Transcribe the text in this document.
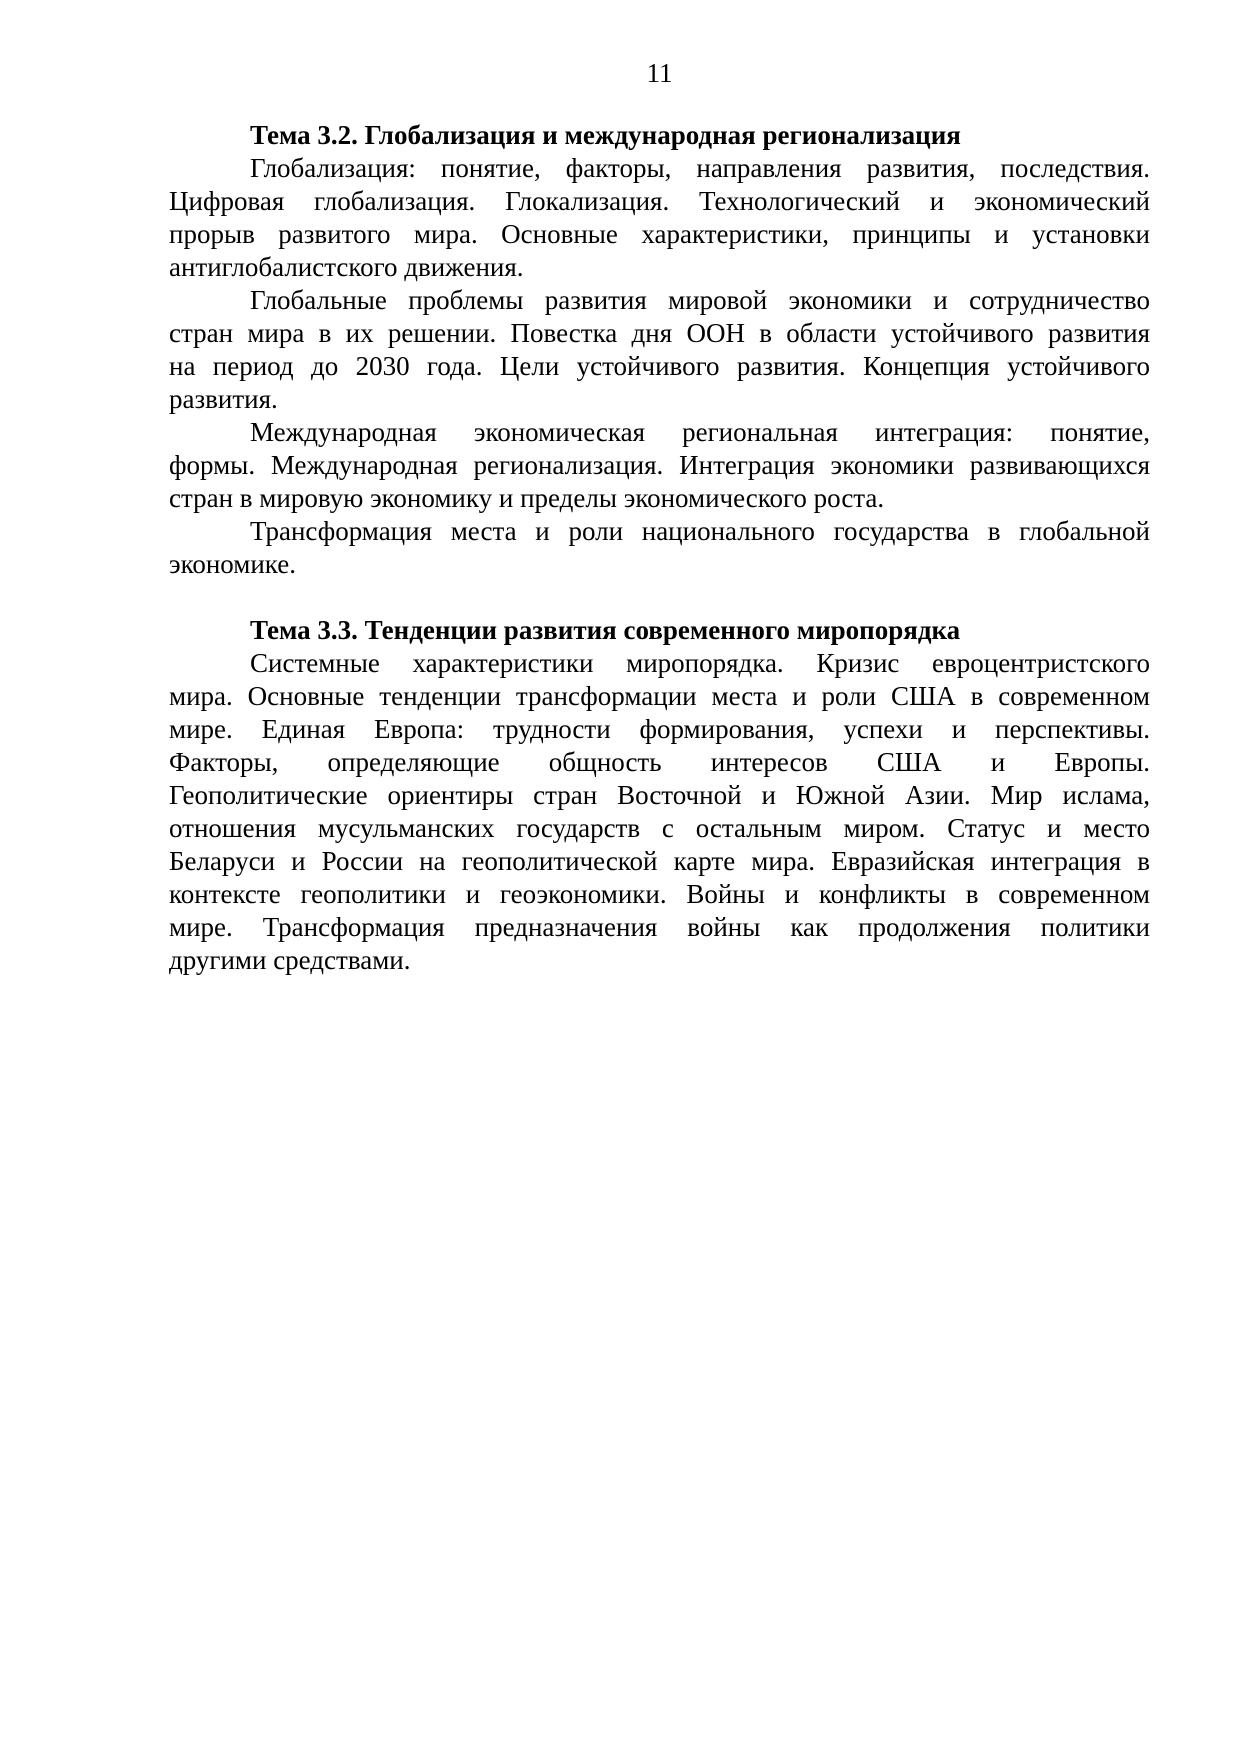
11
Тема 3.2. Глобализация и международная регионализация
Глобализация: понятие, факторы, направления развития, последствия.
Цифровая глобализация. Глокализация. Технологический и экономический
прорыв развитого мира. Основные характеристики, принципы и установки
антиглобалистского движения.
Глобальные проблемы развития мировой экономики и сотрудничество
стран мира в их решении. Повестка дня ООН в области устойчивого развития
на период до 2030 года. Цели устойчивого развития. Концепция устойчивого
развития.
Международная экономическая региональная интеграция: понятие,
формы. Международная регионализация. Интеграция экономики развивающихся
стран в мировую экономику и пределы экономического роста.
Трансформация места и роли национального государства в глобальной
экономике.
Тема 3.3. Тенденции развития современного миропорядка
Системные характеристики миропорядка. Кризис евроцентристского
мира. Основные тенденции трансформации места и роли США в современном
мире. Единая Европа: трудности формирования, успехи и перспективы.
Факторы, определяющие общность интересов США и Европы.
Геополитические ориентиры стран Восточной и Южной Азии. Мир ислама,
отношения мусульманских государств с остальным миром. Статус и место
Беларуси и России на геополитической карте мира. Евразийская интеграция в
контексте геополитики и геоэкономики. Войны и конфликты в современном
мире. Трансформация предназначения войны как продолжения политики
другими средствами.
